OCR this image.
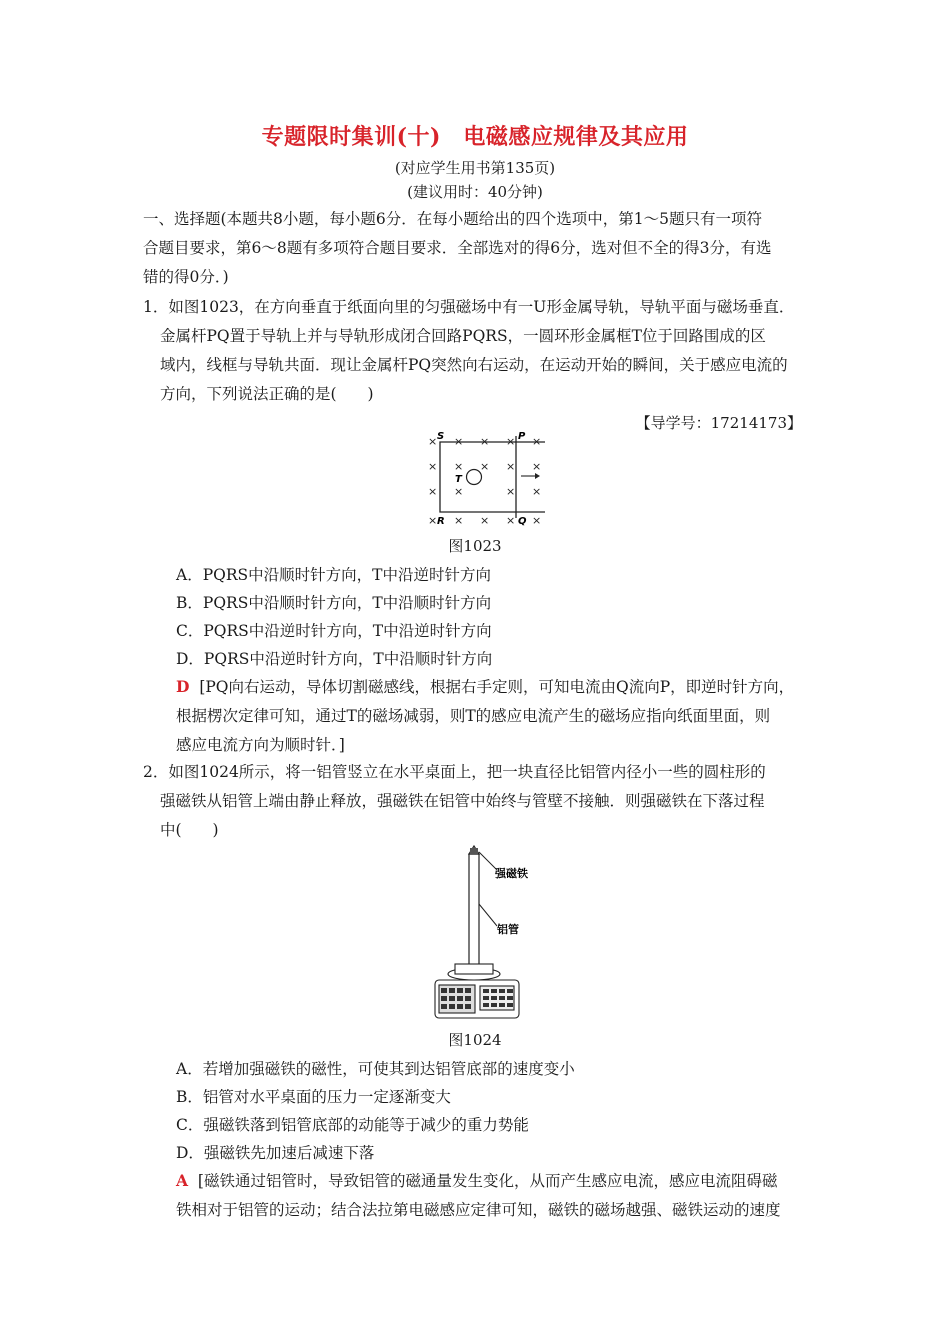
专题限时集训(十)　电磁感应规律及其应用
(对应学生用书第135页)
(建议用时：40分钟)
一、选择题(本题共8小题，每小题6分．在每小题给出的四个选项中，第1～5题只有一项符
合题目要求，第6～8题有多项符合题目要求．全部选对的得6分，选对但不全的得3分，有选
错的得0分．)
1．如图1023，在方向垂直于纸面向里的匀强磁场中有一U形金属导轨，导轨平面与磁场垂直．
金属杆PQ置于导轨上并与导轨形成闭合回路PQRS，一圆环形金属框T位于回路围成的区
域内，线框与导轨共面．现让金属杆PQ突然向右运动，在运动开始的瞬间，关于感应电流的
方向，下列说法正确的是(　　)
【导学号：17214173】
× × × × ×
× × × × ×
× ×	× ×
× × × × ×
S	P
R	Q
T
图1023
A．PQRS中沿顺时针方向，T中沿逆时针方向
B．PQRS中沿顺时针方向，T中沿顺时针方向
C．PQRS中沿逆时针方向，T中沿逆时针方向
D．PQRS中沿逆时针方向，T中沿顺时针方向
D [PQ向右运动，导体切割磁感线，根据右手定则，可知电流由Q流向P，即逆时针方向，
根据楞次定律可知，通过T的磁场减弱，则T的感应电流产生的磁场应指向纸面里面，则
感应电流方向为顺时针．]
2．如图1024所示，将一铝管竖立在水平桌面上，把一块直径比铝管内径小一些的圆柱形的
强磁铁从铝管上端由静止释放，强磁铁在铝管中始终与管壁不接触．则强磁铁在下落过程
中(　　)
强磁铁
铝管
图1024
A．若增加强磁铁的磁性，可使其到达铝管底部的速度变小
B．铝管对水平桌面的压力一定逐渐变大
C．强磁铁落到铝管底部的动能等于减少的重力势能
D．强磁铁先加速后减速下落
A [磁铁通过铝管时，导致铝管的磁通量发生变化，从而产生感应电流，感应电流阻碍磁
铁相对于铝管的运动；结合法拉第电磁感应定律可知，磁铁的磁场越强、磁铁运动的速度
